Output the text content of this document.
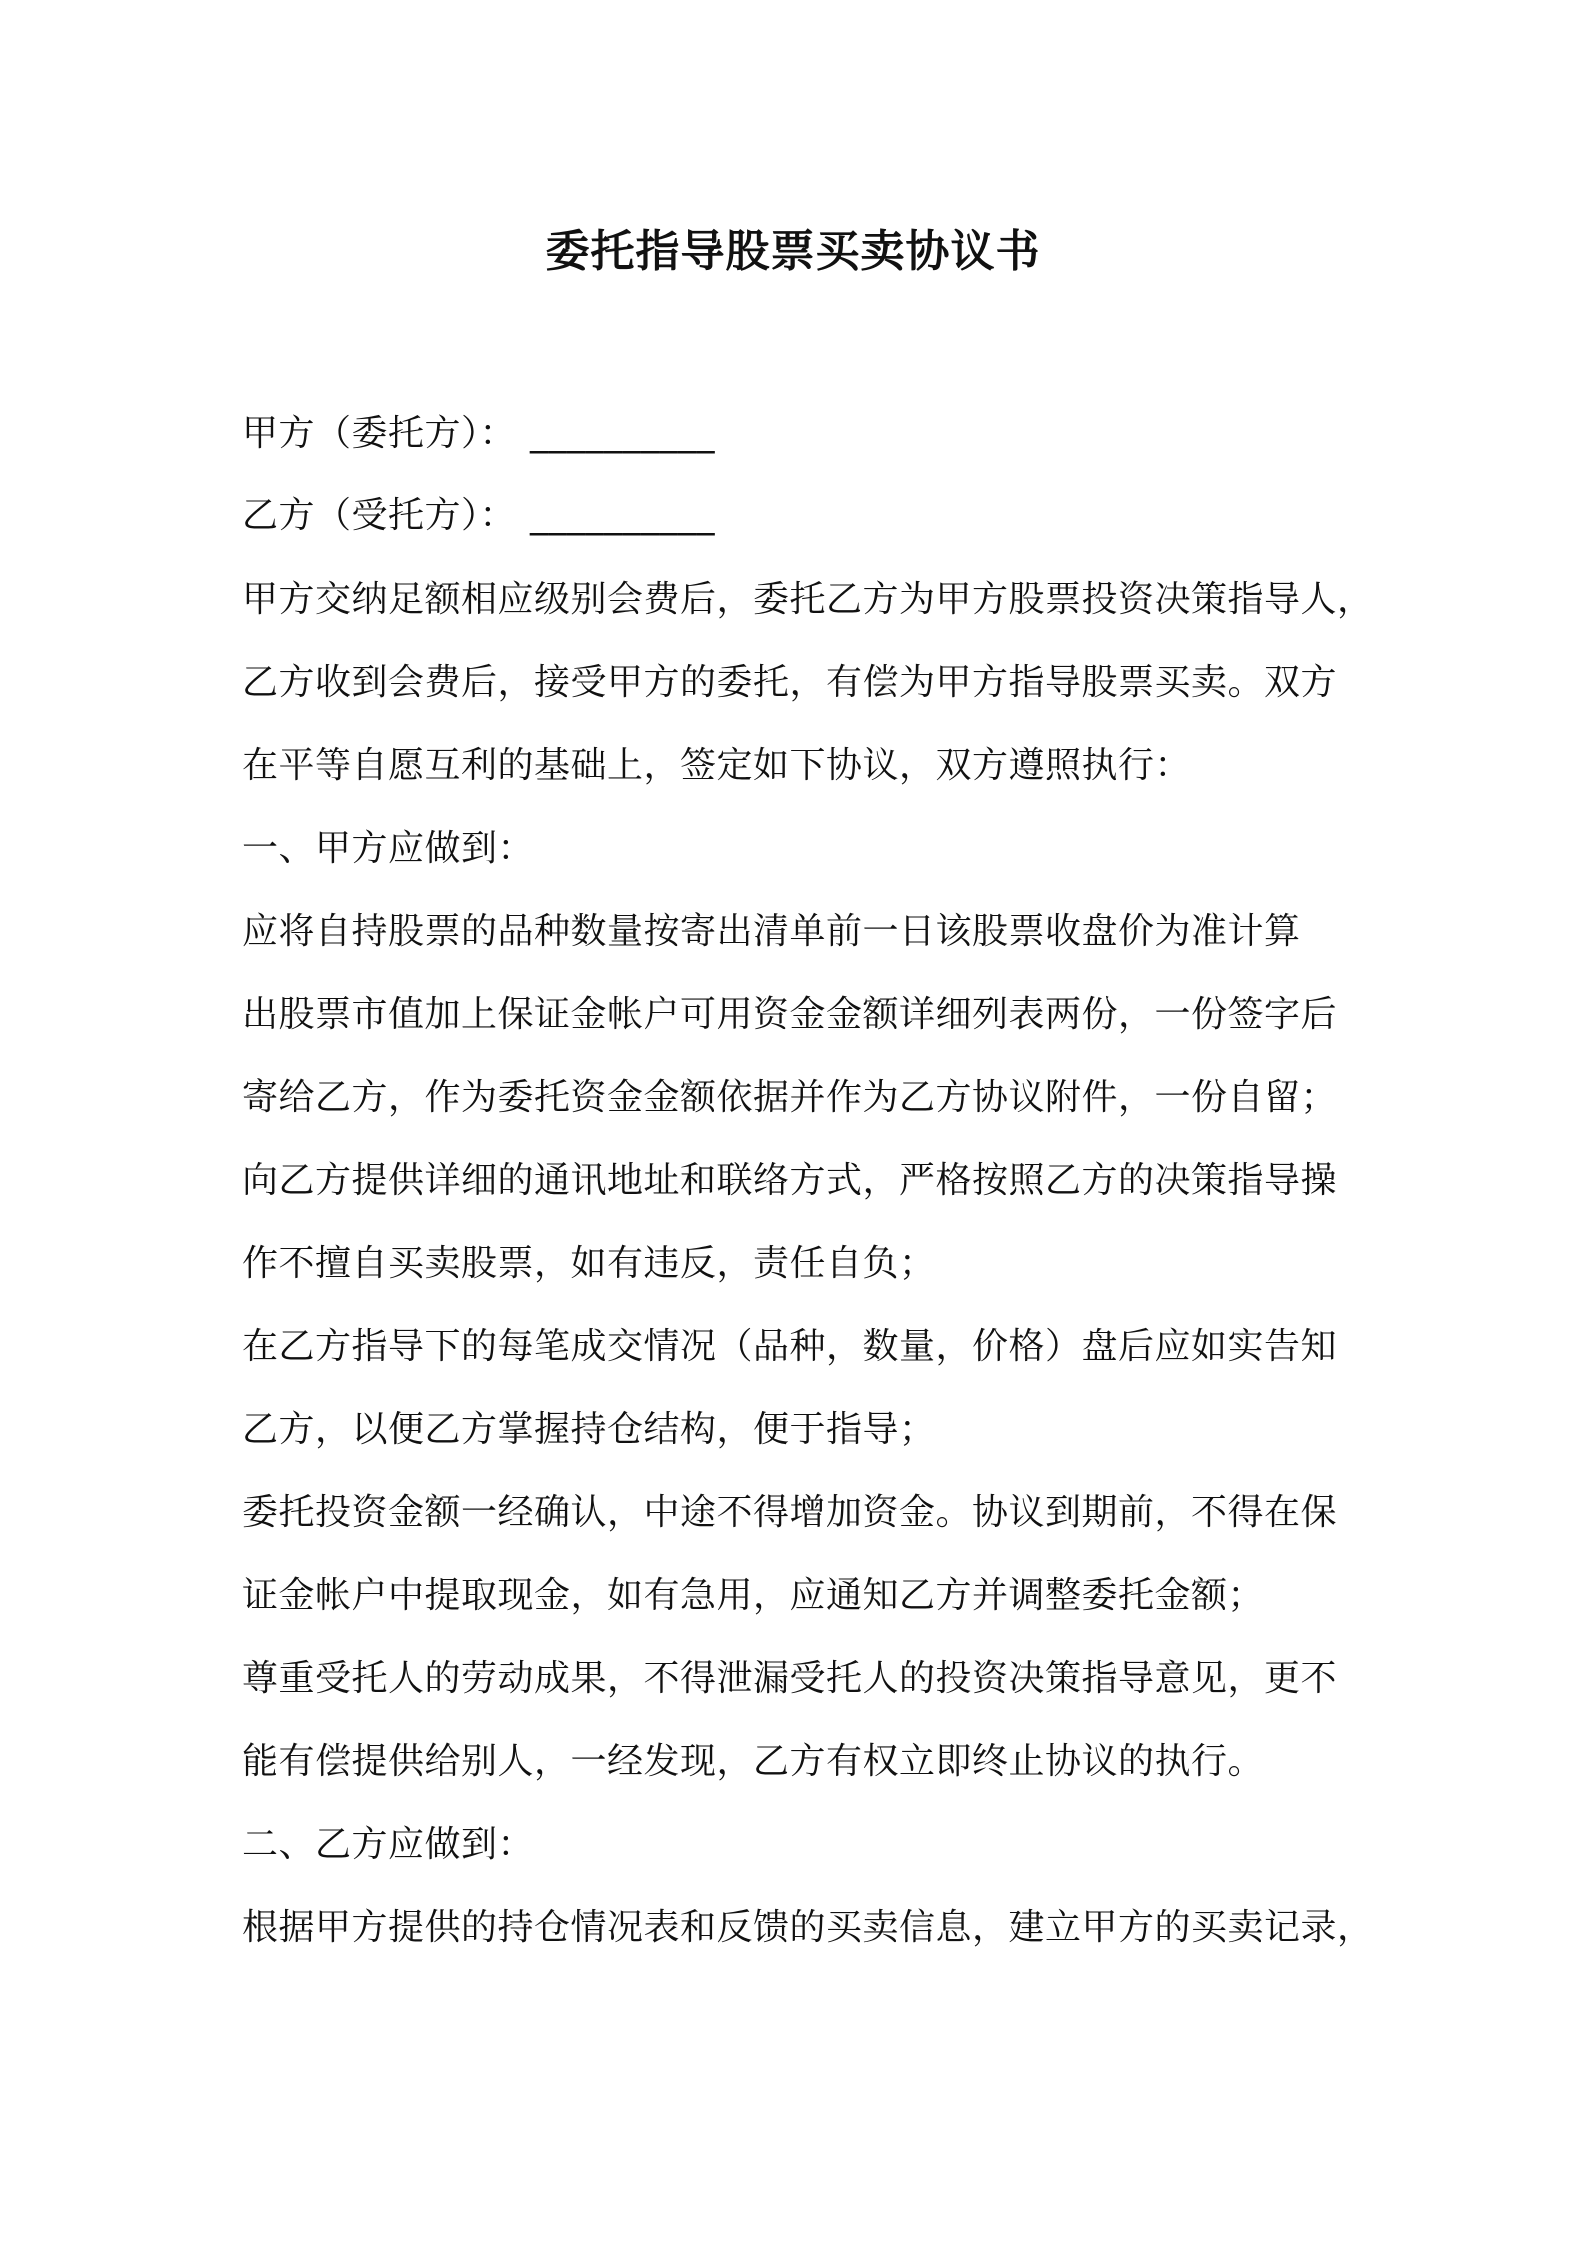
委托指导股票买卖协议书
甲方（委托方）： __________
乙方（受托方）： __________
甲方交纳足额相应级别会费后，委托乙方为甲方股票投资决策指导人，
乙方收到会费后，接受甲方的委托，有偿为甲方指导股票买卖。双方
在平等自愿互利的基础上，签定如下协议，双方遵照执行：
一、甲方应做到：
应将自持股票的品种数量按寄出清单前一日该股票收盘价为准计算
出股票市值加上保证金帐户可用资金金额详细列表两份，一份签字后
寄给乙方，作为委托资金金额依据并作为乙方协议附件，一份自留；
向乙方提供详细的通讯地址和联络方式，严格按照乙方的决策指导操
作不擅自买卖股票，如有违反，责任自负；
在乙方指导下的每笔成交情况（品种，数量，价格）盘后应如实告知
乙方，以便乙方掌握持仓结构，便于指导；
委托投资金额一经确认，中途不得增加资金。协议到期前，不得在保
证金帐户中提取现金，如有急用，应通知乙方并调整委托金额；
尊重受托人的劳动成果，不得泄漏受托人的投资决策指导意见，更不
能有偿提供给别人，一经发现，乙方有权立即终止协议的执行。
二、乙方应做到：
根据甲方提供的持仓情况表和反馈的买卖信息，建立甲方的买卖记录，
